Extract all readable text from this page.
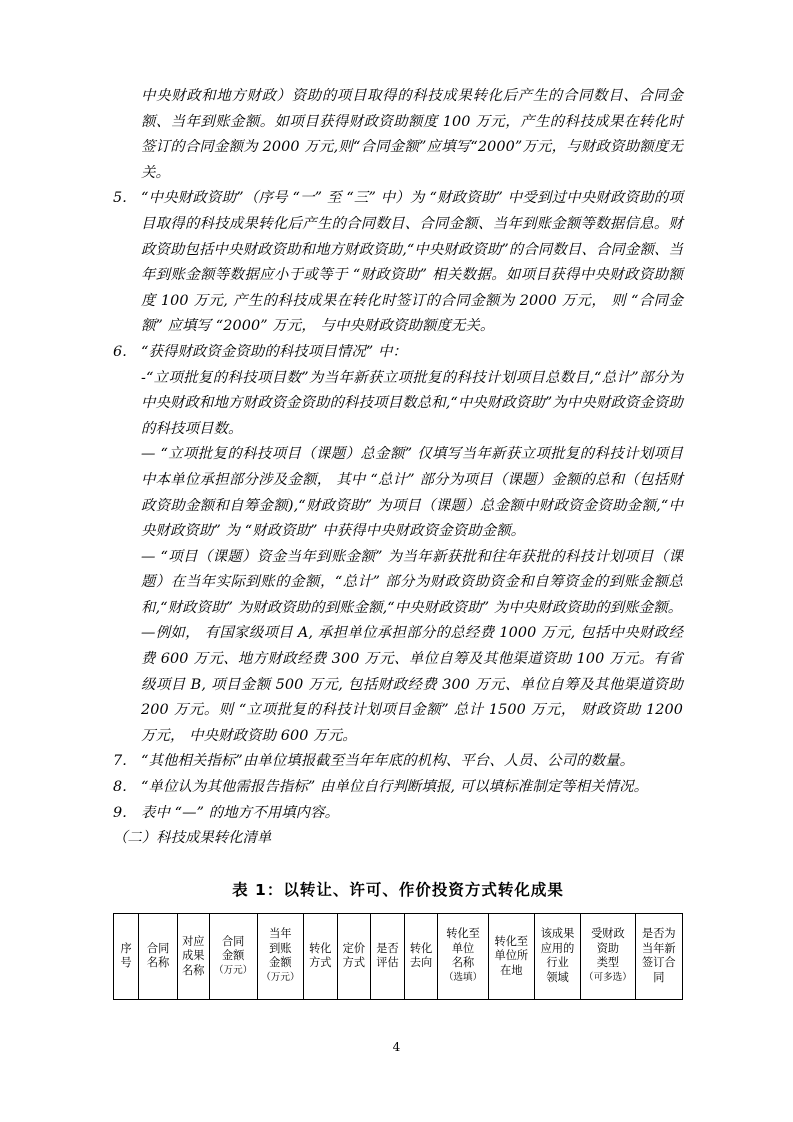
中央财政和地方财政）资助的项目取得的科技成果转化后产生的合同数目、合同金额、当年到账金额。如项目获得财政资助额度 100 万元，产生的科技成果在转化时签订的合同金额为 2000 万元,则“合同金额”应填写“2000”万元，与财政资助额度无关。

5. “中央财政资助”（序号 “一” 至 “三” 中）为 “财政资助” 中受到过中央财政资助的项目取得的科技成果转化后产生的合同数目、合同金额、当年到账金额等数据信息。财政资助包括中央财政资助和地方财政资助,“中央财政资助”的合同数目、合同金额、当年到账金额等数据应小于或等于 “财政资助” 相关数据。如项目获得中央财政资助额度 100 万元, 产生的科技成果在转化时签订的合同金额为 2000 万元， 则 “合同金额” 应填写 “2000” 万元， 与中央财政资助额度无关。
6. “获得财政资金资助的科技项目情况” 中：
-“立项批复的科技项目数”为当年新获立项批复的科技计划项目总数目,“总计”部分为中央财政和地方财政资金资助的科技项目数总和,“中央财政资助”为中央财政资金资助的科技项目数。
— “立项批复的科技项目（课题）总金额” 仅填写当年新获立项批复的科技计划项目中本单位承担部分涉及金额， 其中 “总计” 部分为项目（课题）金额的总和（包括财政资助金额和自筹金额),“财政资助” 为项目（课题）总金额中财政资金资助金额,“中央财政资助” 为 “财政资助” 中获得中央财政资金资助金额。
— “项目（课题）资金当年到账金额” 为当年新获批和往年获批的科技计划项目（课题）在当年实际到账的金额，“总计” 部分为财政资助资金和自筹资金的到账金额总和,“财政资助” 为财政资助的到账金额,“中央财政资助” 为中央财政资助的到账金额。
—例如， 有国家级项目 A, 承担单位承担部分的总经费 1000 万元, 包括中央财政经费 600 万元、地方财政经费 300 万元、单位自筹及其他渠道资助 100 万元。有省级项目 B, 项目金额 500 万元, 包括财政经费 300 万元、单位自筹及其他渠道资助 200 万元。则 “立项批复的科技计划项目金额” 总计 1500 万元， 财政资助 1200 万元， 中央财政资助 600 万元。
7. “其他相关指标”由单位填报截至当年年底的机构、平台、人员、公司的数量。
8. “单位认为其他需报告指标” 由单位自行判断填报, 可以填标准制定等相关情况。
9. 表中 “—” 的地方不用填内容。

（二）科技成果转化清单

表 1：以转让、许可、作价投资方式转化成果
序
号

合同
名称

对应
成果
名称

合同
金额
（万元）

当年
到账
金额
（万元）

转化
方式

定价
方式

是否
评估

转化
去向

转化至
单位
名称
（选填）

转化至
单位所
在地

该成果
应用的
行业
领域

受财政
资助
类型
（可多选）

是否为
当年新
签订合
同
4
